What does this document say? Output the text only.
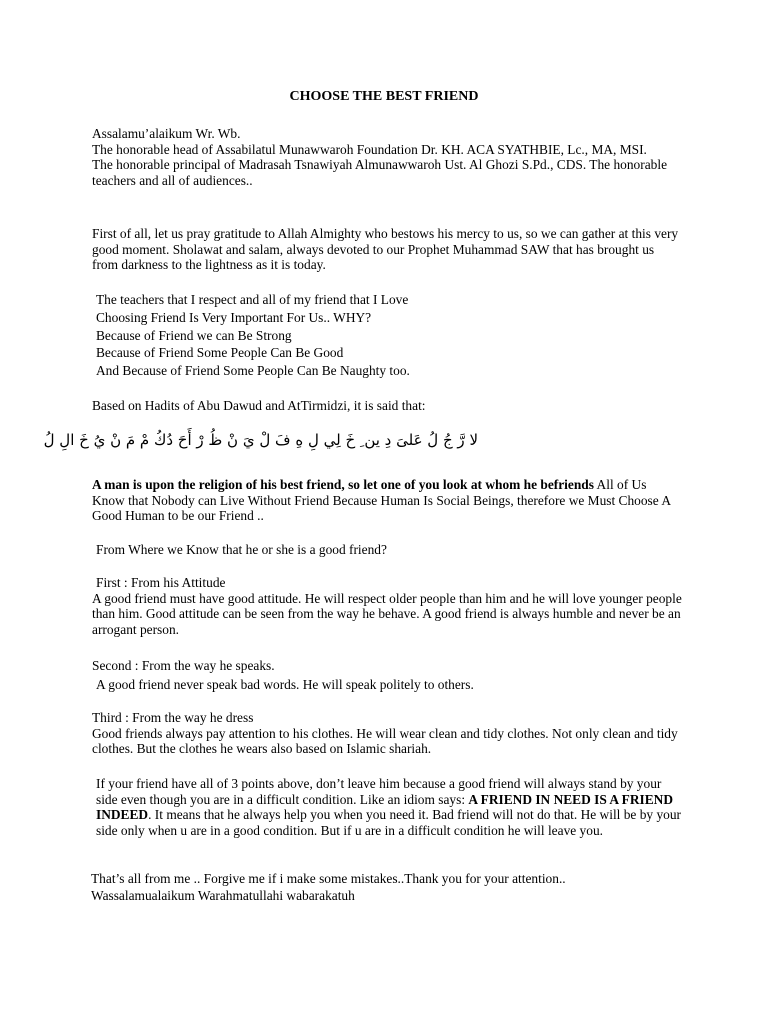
CHOOSE THE BEST FRIEND

Assalamu’alaikum Wr. Wb.

The honorable head of Assabilatul Munawwaroh Foundation Dr. KH. ACA SYATHBIE, Lc., MA, MSI.

The honorable principal of Madrasah Tsnawiyah Almunawwaroh Ust. Al Ghozi S.Pd., CDS. The honorable teachers and all of audiences..

First of all, let us pray gratitude to Allah Almighty who bestows his mercy to us, so we can gather at this very good moment. Sholawat and salam, always devoted to our Prophet Muhammad SAW that has brought us from darkness to the lightness as it is today.

The teachers that I respect and all of my friend that I Love

Choosing Friend Is Very Important For Us.. WHY?

Because of Friend we can Be Strong

Because of Friend Some People Can Be Good

And Because of Friend Some People Can Be Naughty too.

Based on Hadits of Abu Dawud and AtTirmidzi, it is said that:

لا رَّ جُ لُ عَلىَ دِ ين ِ خَ لِي لِ هِ فَ لْ يَ نْ ظُ رْ أَحَ دُكُ مْ مَ نْ يُ خَ الِ لُ

A man is upon the religion of his best friend, so let one of you look at whom he befriends All of Us Know that Nobody can Live Without Friend Because Human Is Social Beings, therefore we Must Choose A Good Human to be our Friend ..

From Where we Know that he or she is a good friend?

First : From his Attitude

A good friend must have good attitude. He will respect older people than him and he will love younger people than him. Good attitude can be seen from the way he behave. A good friend is always humble and never be an arrogant person.

Second : From the way he speaks.

A good friend never speak bad words. He will speak politely to others.

Third : From the way he dress

Good friends always pay attention to his clothes. He will wear clean and tidy clothes. Not only clean and tidy clothes. But the clothes he wears also based on Islamic shariah.

If your friend have all of 3 points above, don’t leave him because a good friend will always stand by your side even though you are in a difficult condition. Like an idiom says: A FRIEND IN NEED IS A FRIEND INDEED. It means that he always help you when you need it. Bad friend will not do that. He will be by your side only when u are in a good condition. But if u are in a difficult condition he will leave you.

That’s all from me .. Forgive me if i make some mistakes..Thank you for your attention..

Wassalamualaikum Warahmatullahi wabarakatuh
